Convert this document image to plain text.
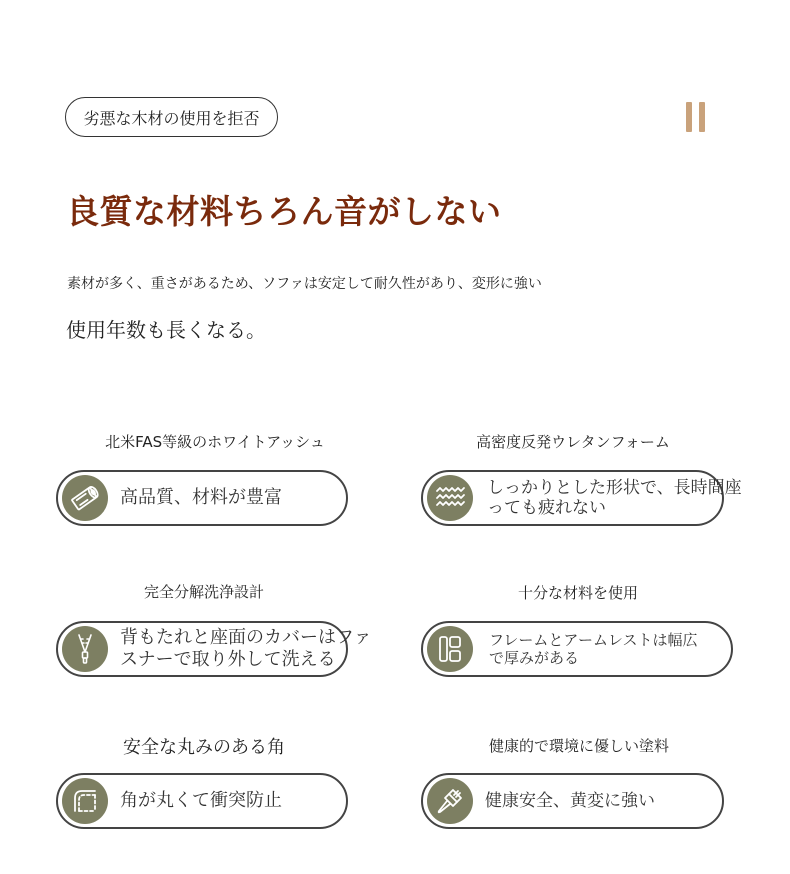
劣悪な木材の使用を拒否
良質な材料ちろん音がしない
素材が多く、重さがあるため、ソファは安定して耐久性があり、変形に強い
使用年数も長くなる。
北米FAS等級のホワイトアッシュ
高品質、材料が豊富
高密度反発ウレタンフォーム
しっかりとした形状で、長時間座
っても疲れない
完全分解洗浄設計
背もたれと座面のカバーはファ
スナーで取り外して洗える
十分な材料を使用
フレームとアームレストは幅広
で厚みがある
安全な丸みのある角
角が丸くて衝突防止
健康的で環境に優しい塗料
健康安全、黄変に強い
